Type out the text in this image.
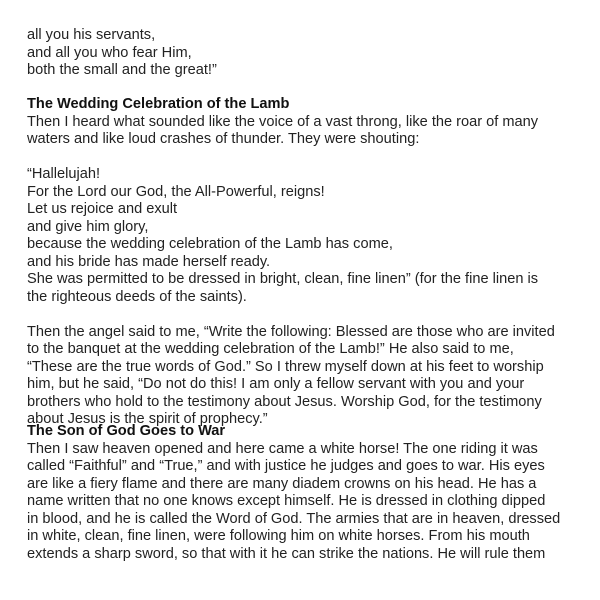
all you his servants,

and all you who fear Him,

both the small and the great!”

The Wedding Celebration of the Lamb

Then I heard what sounded like the voice of a vast throng, like the roar of many

waters and like loud crashes of thunder. They were shouting:

“Hallelujah!

For the Lord our God, the All-Powerful, reigns!

Let us rejoice and exult

and give him glory,

because the wedding celebration of the Lamb has come,

and his bride has made herself ready.

She was permitted to be dressed in bright, clean, fine linen” (for the fine linen is

the righteous deeds of the saints).

Then the angel said to me, “Write the following: Blessed are those who are invited

to the banquet at the wedding celebration of the Lamb!” He also said to me,

“These are the true words of God.” So I threw myself down at his feet to worship

him, but he said, “Do not do this! I am only a fellow servant with you and your

brothers who hold to the testimony about Jesus. Worship God, for the testimony

about Jesus is the spirit of prophecy.”

The Son of God Goes to War

Then I saw heaven opened and here came a white horse! The one riding it was

called “Faithful” and “True,” and with justice he judges and goes to war. His eyes

are like a fiery flame and there are many diadem crowns on his head. He has a

name written that no one knows except himself. He is dressed in clothing dipped

in blood, and he is called the Word of God. The armies that are in heaven, dressed

in white, clean, fine linen, were following him on white horses. From his mouth

extends a sharp sword, so that with it he can strike the nations. He will rule them
